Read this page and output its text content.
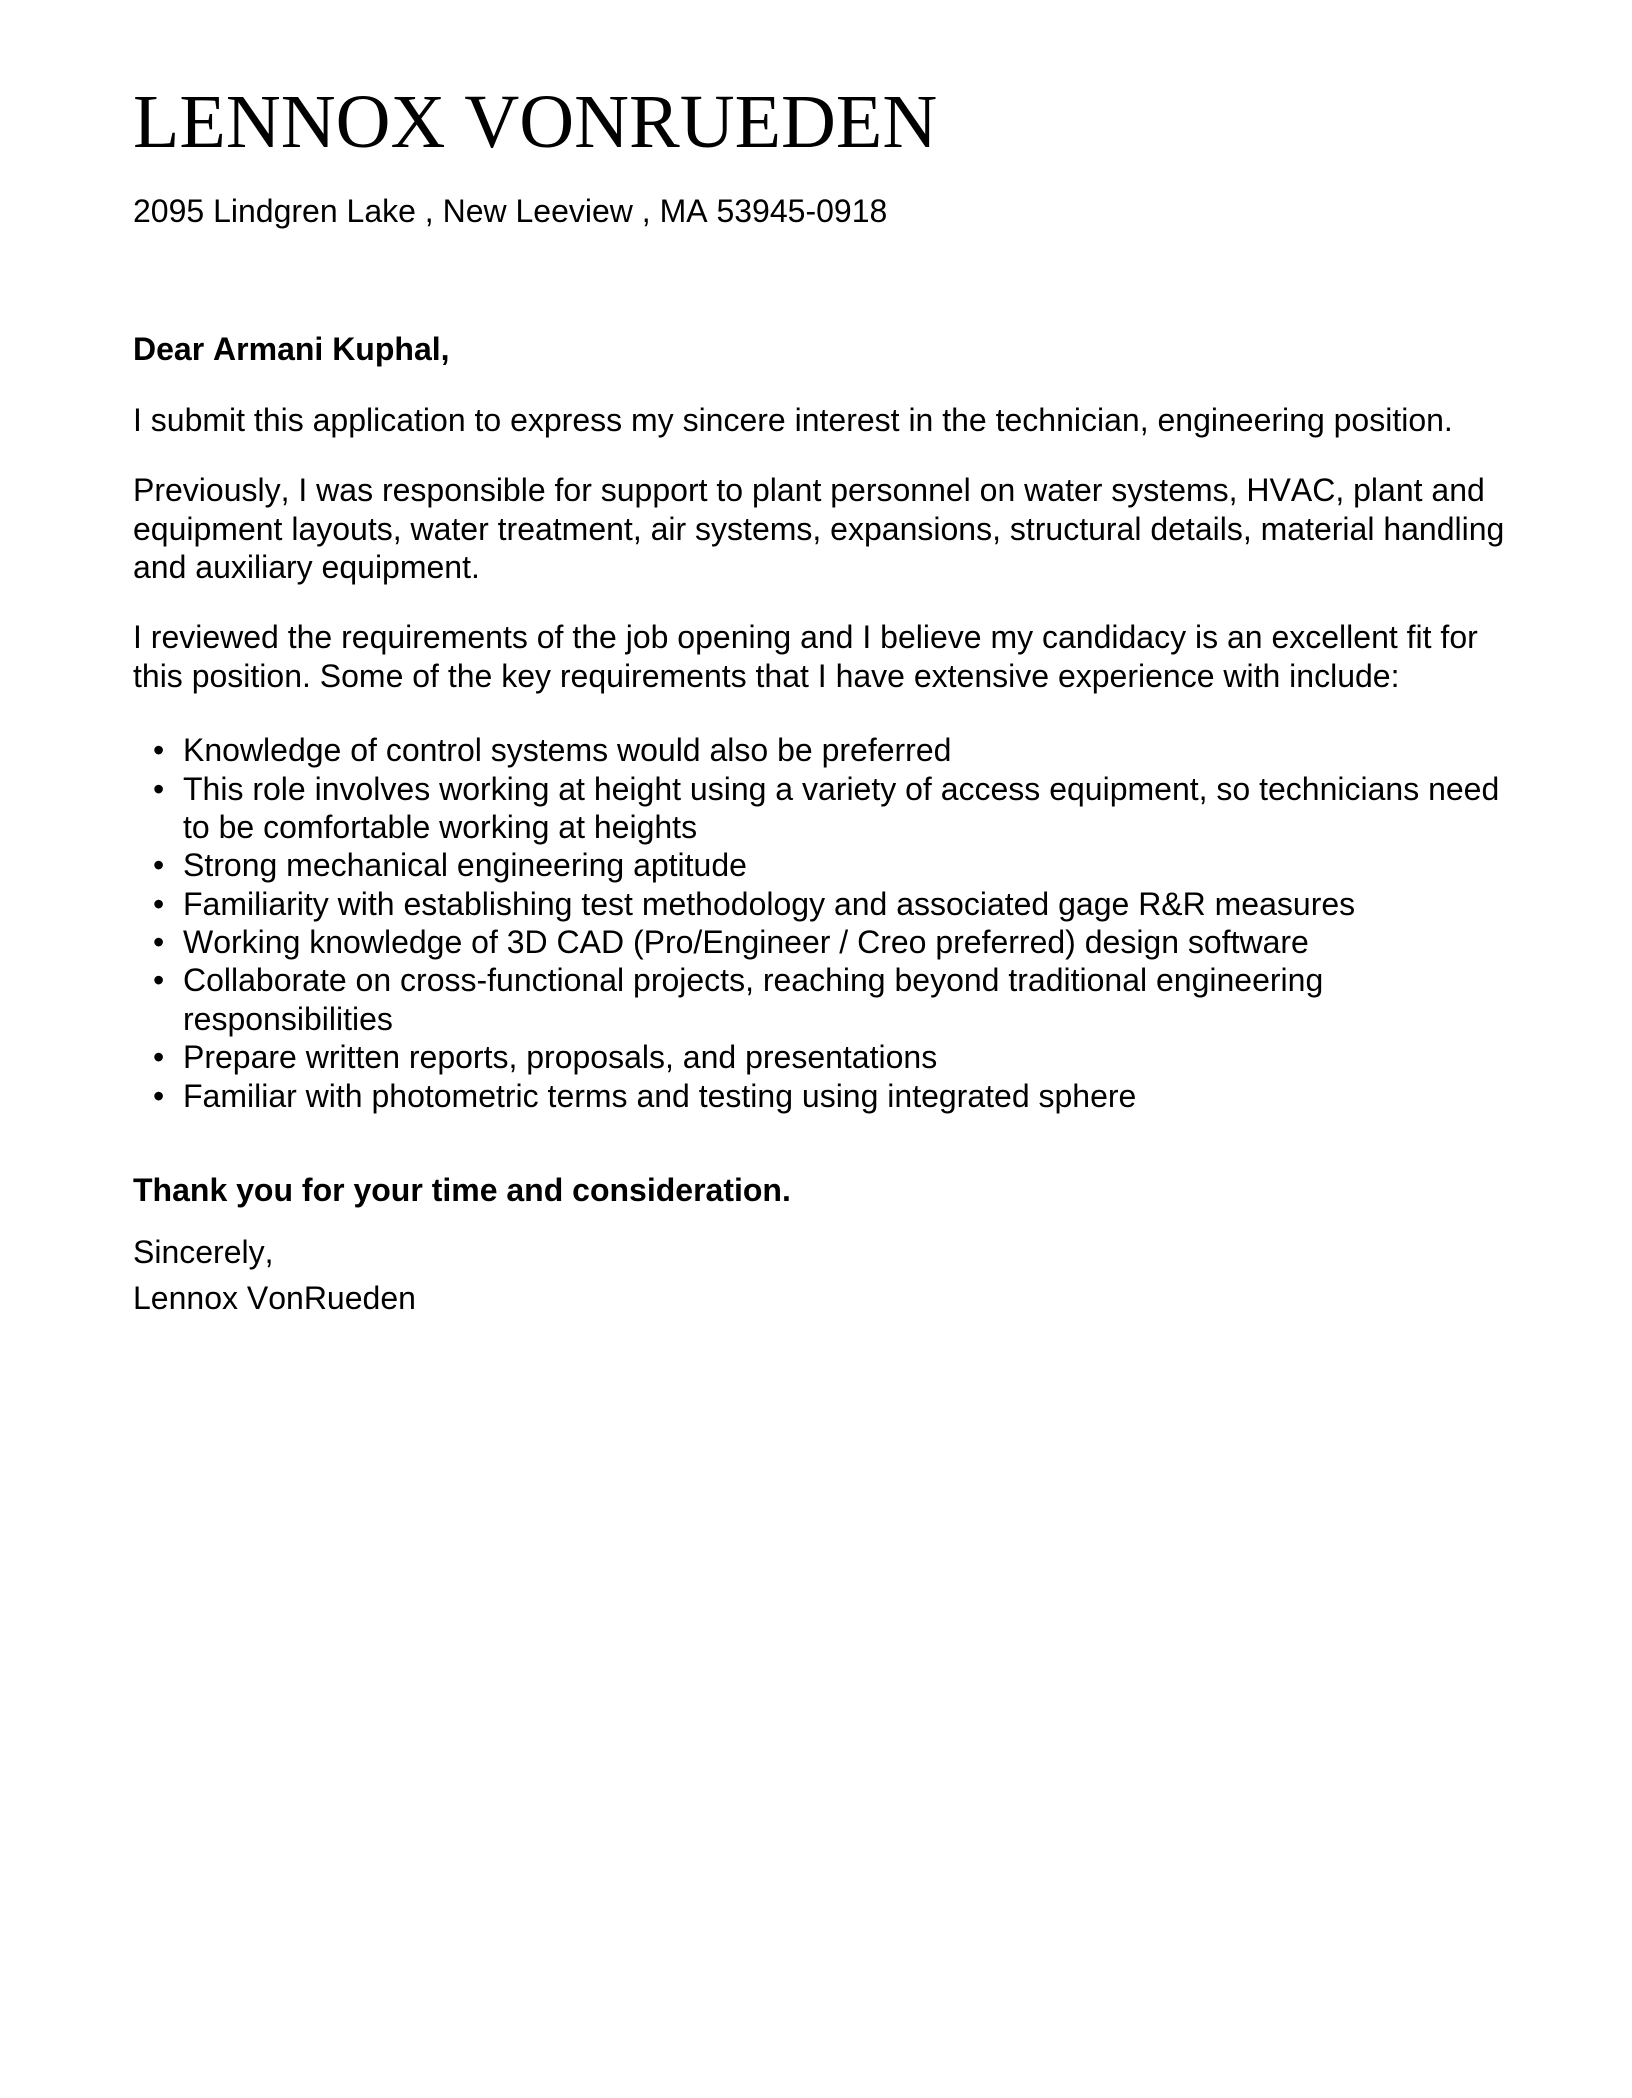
LENNOX VONRUEDEN
2095 Lindgren Lake , New Leeview , MA 53945-0918
Dear Armani Kuphal,

I submit this application to express my sincere interest in the technician, engineering position.

Previously, I was responsible for support to plant personnel on water systems, HVAC, plant and equipment layouts, water treatment, air systems, expansions, structural details, material handling and auxiliary equipment.

I reviewed the requirements of the job opening and I believe my candidacy is an excellent fit for this position. Some of the key requirements that I have extensive experience with include:

• Knowledge of control systems would also be preferred
• This role involves working at height using a variety of access equipment, so technicians need to be comfortable working at heights
• Strong mechanical engineering aptitude
• Familiarity with establishing test methodology and associated gage R&R measures
• Working knowledge of 3D CAD (Pro/Engineer / Creo preferred) design software
• Collaborate on cross-functional projects, reaching beyond traditional engineering responsibilities
• Prepare written reports, proposals, and presentations
• Familiar with photometric terms and testing using integrated sphere
Thank you for your time and consideration.
Sincerely,
Lennox VonRueden
